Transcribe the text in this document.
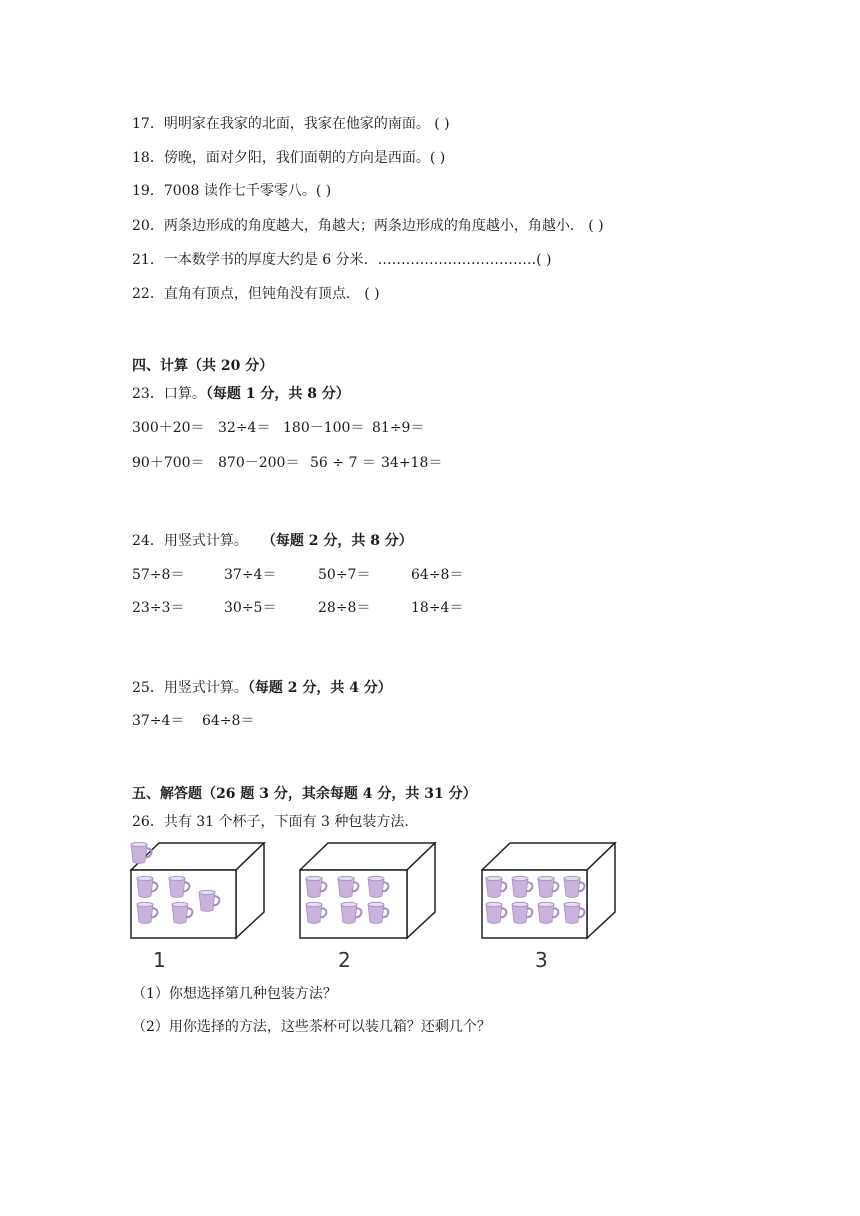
17．明明家在我家的北面，我家在他家的南面。 ( )
18．傍晚，面对夕阳，我们面朝的方向是西面。( )
19．7008 读作七千零零八。( )
20．两条边形成的角度越大，角越大；两条边形成的角度越小，角越小． ( )
21．一本数学书的厚度大约是 6 分米．…………………………….( )
22．直角有顶点，但钝角没有顶点． ( )
四、计算（共 20 分）
23．口算。（每题 1 分，共 8 分）
300＋20＝ 32÷4＝ 180－100＝ 81÷9＝
90＋700＝ 870－200＝ 56 ÷ 7 ＝ 34+18＝
24．用竖式计算。 （每题 2 分，共 8 分）
57÷8＝	37÷4＝	50÷7＝	64÷8＝
23÷3＝	30÷5＝	28÷8＝	18÷4＝
25．用竖式计算。（每题 2 分，共 4 分）
37÷4＝ 64÷8＝
五、解答题（26 题 3 分，其余每题 4 分，共 31 分）
26．共有 31 个杯子，下面有 3 种包装方法.
1	2	3
（1）你想选择第几种包装方法？
（2）用你选择的方法，这些茶杯可以装几箱？还剩几个？
